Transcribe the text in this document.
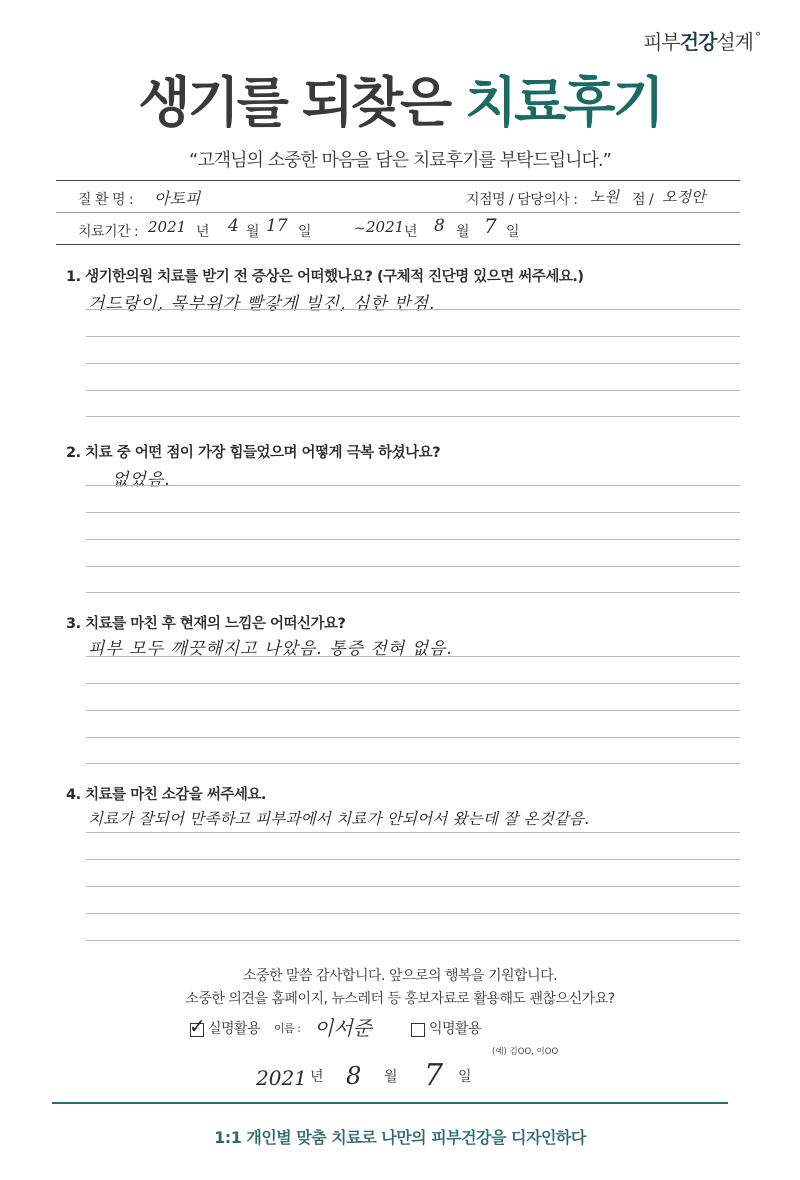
피부건강설계 °
생기를 되찾은 치료후기
“고객님의 소중한 마음을 담은 치료후기를 부탁드립니다.”
질 환 명 : 아토피	지점명 / 담당의사 : 노원 점 / 오정안
치료기간 : 2021 년 4 월 17 일	~ 2021 년 8 월 7 일
1. 생기한의원 치료를 받기 전 증상은 어떠했나요? (구체적 진단명 있으면 써주세요.)
거드랑이, 목부위가 빨갛게 빌진, 심한 반점.
2. 치료 중 어떤 점이 가장 힘들었으며 어떻게 극복 하셨나요?
없었음.
3. 치료를 마친 후 현재의 느낌은 어떠신가요?
피부 모두 깨끗해지고 나았음. 통증 전혀 없음.
4. 치료를 마친 소감을 써주세요.
치료가 잘되어 만족하고 피부과에서 치료가 안되어서 왔는데 잘 온것같음.
소중한 말씀 감사합니다. 앞으로의 행복을 기원합니다.
소중한 의견을 홈페이지, 뉴스레터 등 홍보자료로 활용해도 괜찮으신가요?
✓ 실명활용 이름 : 이서준	익명활용
(예) 김OO, 이OO
2021 년 8 월 7 일
1:1 개인별 맞춤 치료로 나만의 피부건강을 디자인하다
